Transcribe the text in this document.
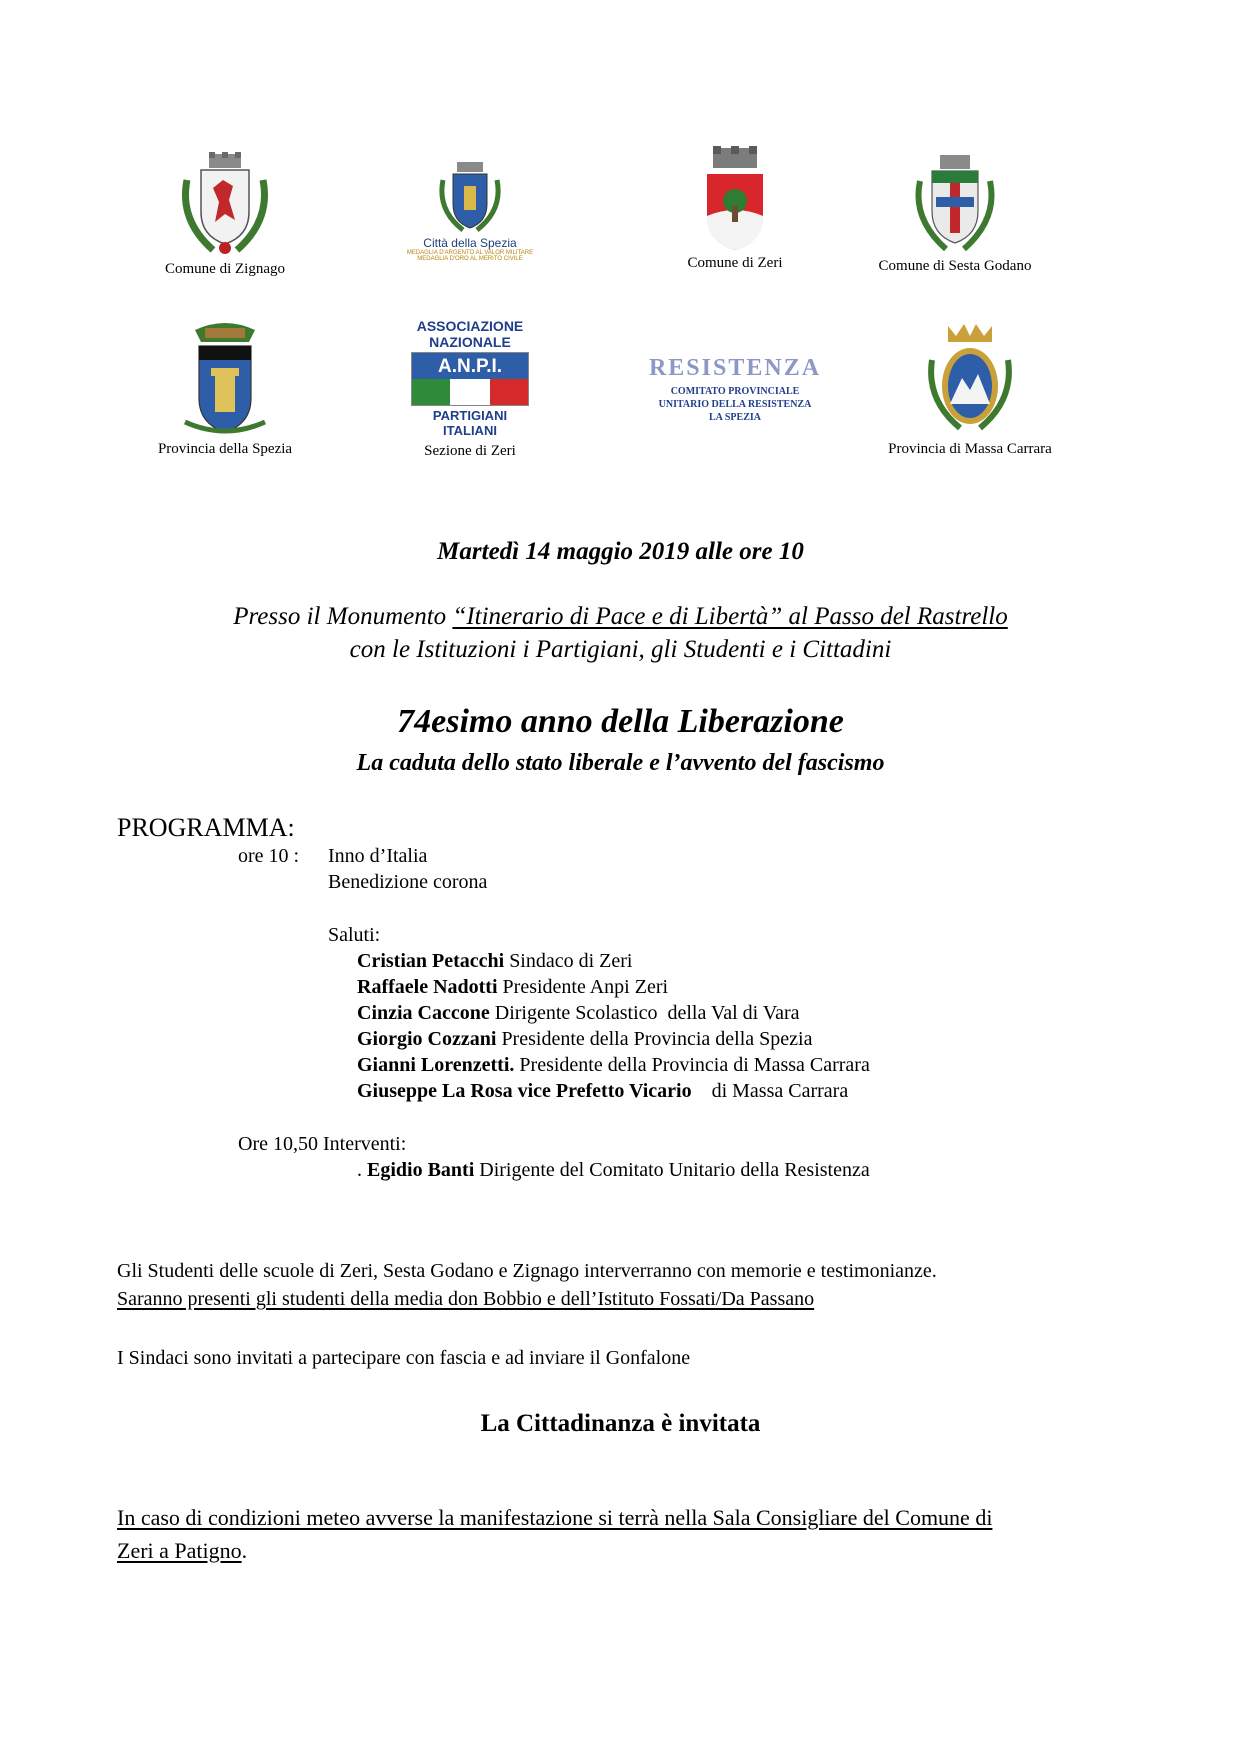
Comune di Zignago
Città della Spezia
MEDAGLIA D'ARGENTO AL VALOR MILITARE
MEDAGLIA D'ORO AL MERITO CIVILE	Comune di Zeri	Comune di Sesta Godano
Provincia della Spezia
ASSOCIAZIONE
NAZIONALE
A.N.P.I.
PARTIGIANI
ITALIANI
Sezione di Zeri
RESISTENZA
COMITATO PROVINCIALE
UNITARIO DELLA RESISTENZA
LA SPEZIA
Provincia di Massa Carrara
Martedì 14 maggio 2019 alle ore 10
Presso il Monumento “Itinerario di Pace e di Libertà” al Passo del Rastrello
con le Istituzioni i Partigiani, gli Studenti e i Cittadini
74esimo anno della Liberazione
La caduta dello stato liberale e l’avvento del fascismo
PROGRAMMA:
ore 10 : Inno d’Italia
Benedizione corona
Saluti:
Cristian Petacchi Sindaco di Zeri
Raffaele Nadotti Presidente Anpi Zeri
Cinzia Caccone Dirigente Scolastico  della Val di Vara
Giorgio Cozzani Presidente della Provincia della Spezia
Gianni Lorenzetti. Presidente della Provincia di Massa Carrara
Giuseppe La Rosa vice Prefetto Vicario    di Massa Carrara
Ore 10,50 Interventi:
. Egidio Banti Dirigente del Comitato Unitario della Resistenza
Gli Studenti delle scuole di Zeri, Sesta Godano e Zignago interverranno con memorie e testimonianze.
Saranno presenti gli studenti della media don Bobbio e dell’Istituto Fossati/Da Passano
I Sindaci sono invitati a partecipare con fascia e ad inviare il Gonfalone
La Cittadinanza è invitata
In caso di condizioni meteo avverse la manifestazione si terrà nella Sala Consigliare del Comune di
Zeri a Patigno.
